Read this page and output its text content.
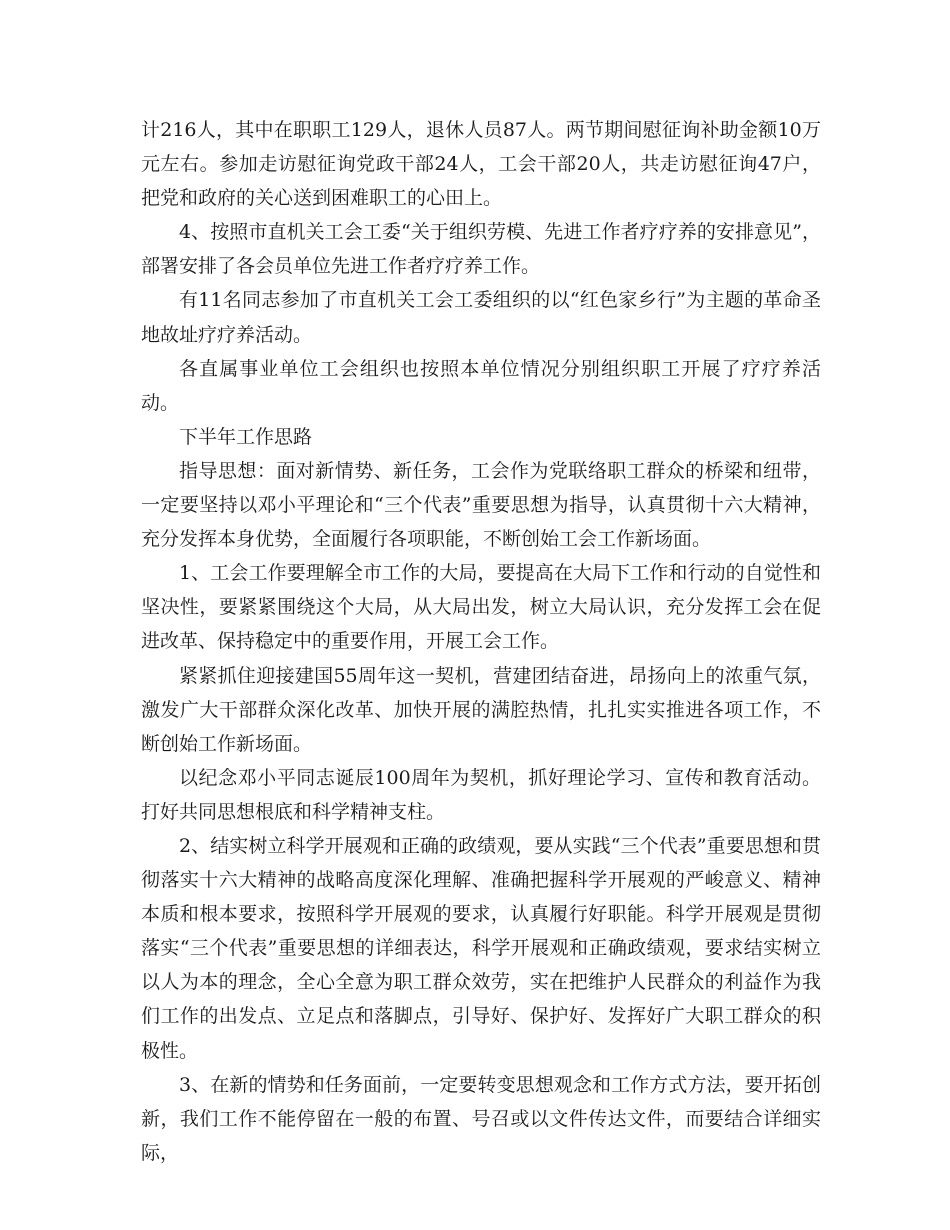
计216人，其中在职职工129人，退休人员87人。两节期间慰征询补助金额10万元左右。参加走访慰征询党政干部24人，工会干部20人，共走访慰征询47户，把党和政府的关心送到困难职工的心田上。

4、按照市直机关工会工委“关于组织劳模、先进工作者疗疗养的安排意见”，部署安排了各会员单位先进工作者疗疗养工作。

有11名同志参加了市直机关工会工委组织的以“红色家乡行”为主题的革命圣地故址疗疗养活动。

各直属事业单位工会组织也按照本单位情况分别组织职工开展了疗疗养活动。

下半年工作思路

指导思想：面对新情势、新任务，工会作为党联络职工群众的桥梁和纽带，一定要坚持以邓小平理论和“三个代表”重要思想为指导，认真贯彻十六大精神，充分发挥本身优势，全面履行各项职能，不断创始工会工作新场面。

1、工会工作要理解全市工作的大局，要提高在大局下工作和行动的自觉性和坚决性，要紧紧围绕这个大局，从大局出发，树立大局认识，充分发挥工会在促进改革、保持稳定中的重要作用，开展工会工作。

紧紧抓住迎接建国55周年这一契机，营建团结奋进，昂扬向上的浓重气氛，激发广大干部群众深化改革、加快开展的满腔热情，扎扎实实推进各项工作，不断创始工作新场面。

以纪念邓小平同志诞辰100周年为契机，抓好理论学习、宣传和教育活动。打好共同思想根底和科学精神支柱。

2、结实树立科学开展观和正确的政绩观，要从实践“三个代表”重要思想和贯彻落实十六大精神的战略高度深化理解、准确把握科学开展观的严峻意义、精神本质和根本要求，按照科学开展观的要求，认真履行好职能。科学开展观是贯彻落实“三个代表”重要思想的详细表达，科学开展观和正确政绩观，要求结实树立以人为本的理念，全心全意为职工群众效劳，实在把维护人民群众的利益作为我们工作的出发点、立足点和落脚点，引导好、保护好、发挥好广大职工群众的积极性。

3、在新的情势和任务面前，一定要转变思想观念和工作方式方法，要开拓创新，我们工作不能停留在一般的布置、号召或以文件传达文件，而要结合详细实际，
